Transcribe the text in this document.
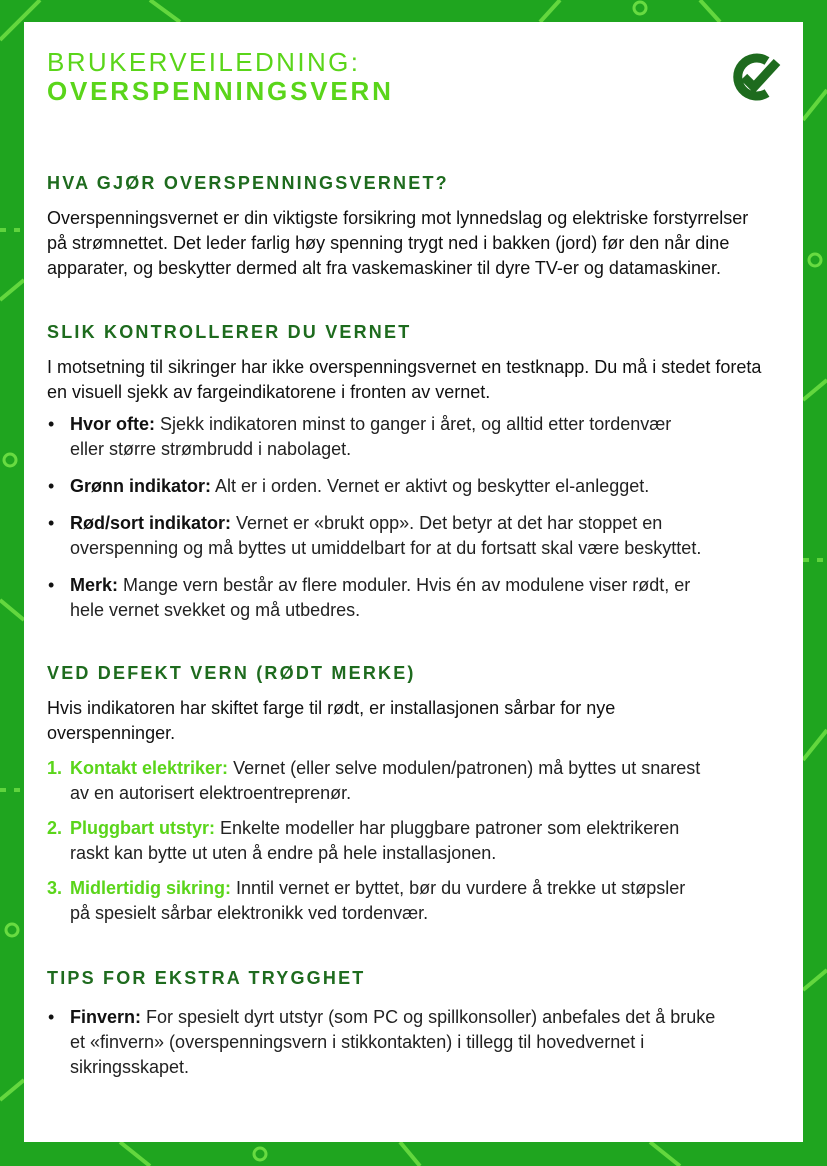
BRUKERVEILEDNING:
OVERSPENNINGSVERN
HVA GJØR OVERSPENNINGSVERNET?

Overspenningsvernet er din viktigste forsikring mot lynnedslag og elektriske forstyrrelser på strømnettet. Det leder farlig høy spenning trygt ned i bakken (jord) før den når dine apparater, og beskytter dermed alt fra vaskemaskiner til dyre TV-er og datamaskiner.

SLIK KONTROLLERER DU VERNET

I motsetning til sikringer har ikke overspenningsvernet en testknapp. Du må i stedet foreta en visuell sjekk av fargeindikatorene i fronten av vernet.

• Hvor ofte: Sjekk indikatoren minst to ganger i året, og alltid etter tordenvær eller større strømbrudd i nabolaget.
• Grønn indikator: Alt er i orden. Vernet er aktivt og beskytter el-anlegget.
• Rød/sort indikator: Vernet er «brukt opp». Det betyr at det har stoppet en overspenning og må byttes ut umiddelbart for at du fortsatt skal være beskyttet.
• Merk: Mange vern består av flere moduler. Hvis én av modulene viser rødt, er hele vernet svekket og må utbedres.
VED DEFEKT VERN (RØDT MERKE)

Hvis indikatoren har skiftet farge til rødt, er installasjonen sårbar for nye overspenninger.

1. Kontakt elektriker: Vernet (eller selve modulen/patronen) må byttes ut snarest av en autorisert elektroentreprenør.
2. Pluggbart utstyr: Enkelte modeller har pluggbare patroner som elektrikeren raskt kan bytte ut uten å endre på hele installasjonen.
3. Midlertidig sikring: Inntil vernet er byttet, bør du vurdere å trekke ut støpsler på spesielt sårbar elektronikk ved tordenvær.
TIPS FOR EKSTRA TRYGGHET
• Finvern: For spesielt dyrt utstyr (som PC og spillkonsoller) anbefales det å bruke et «finvern» (overspenningsvern i stikkontakten) i tillegg til hovedvernet i sikringsskapet.
